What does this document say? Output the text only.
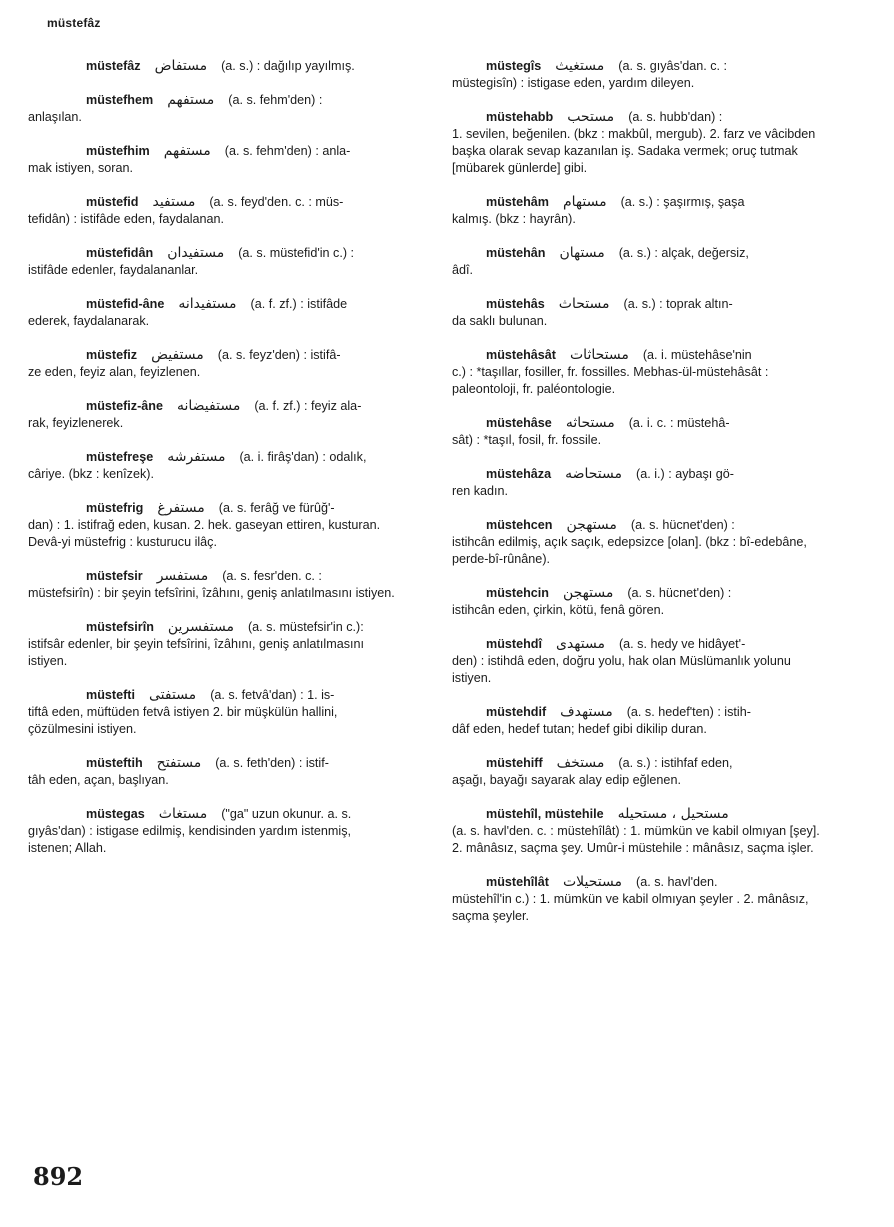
müstefâz
müstefâz مستفاض (a. s.) : dağılıp yayılmış.
müstefhem مستفهم (a. s. fehm'den) :
anlaşılan.
müstefhim مستفهم (a. s. fehm'den) : anla-
mak istiyen, soran.
müstefid مستفيد (a. s. feyd'den. c. : müs-
tefidân) : istifâde eden, faydalanan.
müstefidân مستفيدان (a. s. müstefid'in c.) :
istifâde edenler, faydalananlar.
müstefid-âne مستفيدانه (a. f. zf.) : istifâde
ederek, faydalanarak.
müstefiz مستفيض (a. s. feyz'den) : istifâ-
ze eden, feyiz alan, feyizlenen.
müstefiz-âne مستفيضانه (a. f. zf.) : feyiz ala-
rak, feyizlenerek.
müstefreşe مستفرشه (a. i. firâş'dan) : odalık,
câriye. (bkz : kenîzek).
müstefrig مستفرغ (a. s. ferâğ ve fürûğ'-
dan) : 1. istifrağ eden, kusan. 2. hek. gaseyan ettiren, kusturan. Devâ-yi müstefrig : kusturucu ilâç.
müstefsir مستفسر (a. s. fesr'den. c. :
müstefsirîn) : bir şeyin tefsîrini, îzâhını, geniş anlatılmasını istiyen.
müstefsirîn مستفسرين (a. s. müstefsir'in c.):
istifsâr edenler, bir şeyin tefsîrini, îzâhını, geniş anlatılmasını istiyen.
müstefti مستفتى (a. s. fetvâ'dan) : 1. is-
tiftâ eden, müftüden fetvâ istiyen 2. bir müşkülün hallini, çözülmesini istiyen.
müsteftih مستفتح (a. s. feth'den) : istif-
tâh eden, açan, başlıyan.
müstegas مستغاث ("ga" uzun okunur. a. s.
gıyâs'dan) : istigase edilmiş, kendisinden yardım istenmiş, istenen; Allah.
müstegîs مستغيث (a. s. gıyâs'dan. c. :
müstegisîn) : istigase eden, yardım dileyen.
müstehabb مستحب (a. s. hubb'dan) :
1. sevilen, beğenilen. (bkz : makbûl, mergub). 2. farz ve vâcibden başka olarak sevap kazanılan iş. Sadaka vermek; oruç tutmak [mübarek günlerde] gibi.
müstehâm مستهام (a. s.) : şaşırmış, şaşa
kalmış. (bkz : hayrân).
müstehân مستهان (a. s.) : alçak, değersiz,
âdî.
müstehâs مستحاث (a. s.) : toprak altın-
da saklı bulunan.
müstehâsât مستحاثات (a. i. müstehâse'nin
c.) : *taşıllar, fosiller, fr. fossilles. Mebhas-ül-müstehâsât : paleontoloji, fr. paléontologie.
müstehâse مستحاثه (a. i. c. : müstehâ-
sât) : *taşıl, fosil, fr. fossile.
müstehâza مستحاضه (a. i.) : aybaşı gö-
ren kadın.
müstehcen مستهجن (a. s. hücnet'den) :
istihcân edilmiş, açık saçık, edepsizce [olan]. (bkz : bî-edebâne, perde-bî-rûnâne).
müstehcin مستهجن (a. s. hücnet'den) :
istihcân eden, çirkin, kötü, fenâ gören.
müstehdî مستهدى (a. s. hedy ve hidâyet'-
den) : istihdâ eden, doğru yolu, hak olan Müslümanlık yolunu istiyen.
müstehdif مستهدف (a. s. hedef'ten) : istih-
dâf eden, hedef tutan; hedef gibi dikilip duran.
müstehiff مستخف (a. s.) : istihfaf eden,
aşağı, bayağı sayarak alay edip eğlenen.
müstehîl, müstehile مستحيل ، مستحيله
(a. s. havl'den. c. : müstehîlât) : 1. mümkün ve kabil olmıyan [şey]. 2. mânâsız, saçma şey. Umûr-i müstehile : mânâsız, saçma işler.
müstehîlât مستحيلات (a. s. havl'den.
müstehîl'in c.) : 1. mümkün ve kabil olmıyan şeyler . 2. mânâsız, saçma şeyler.
892
